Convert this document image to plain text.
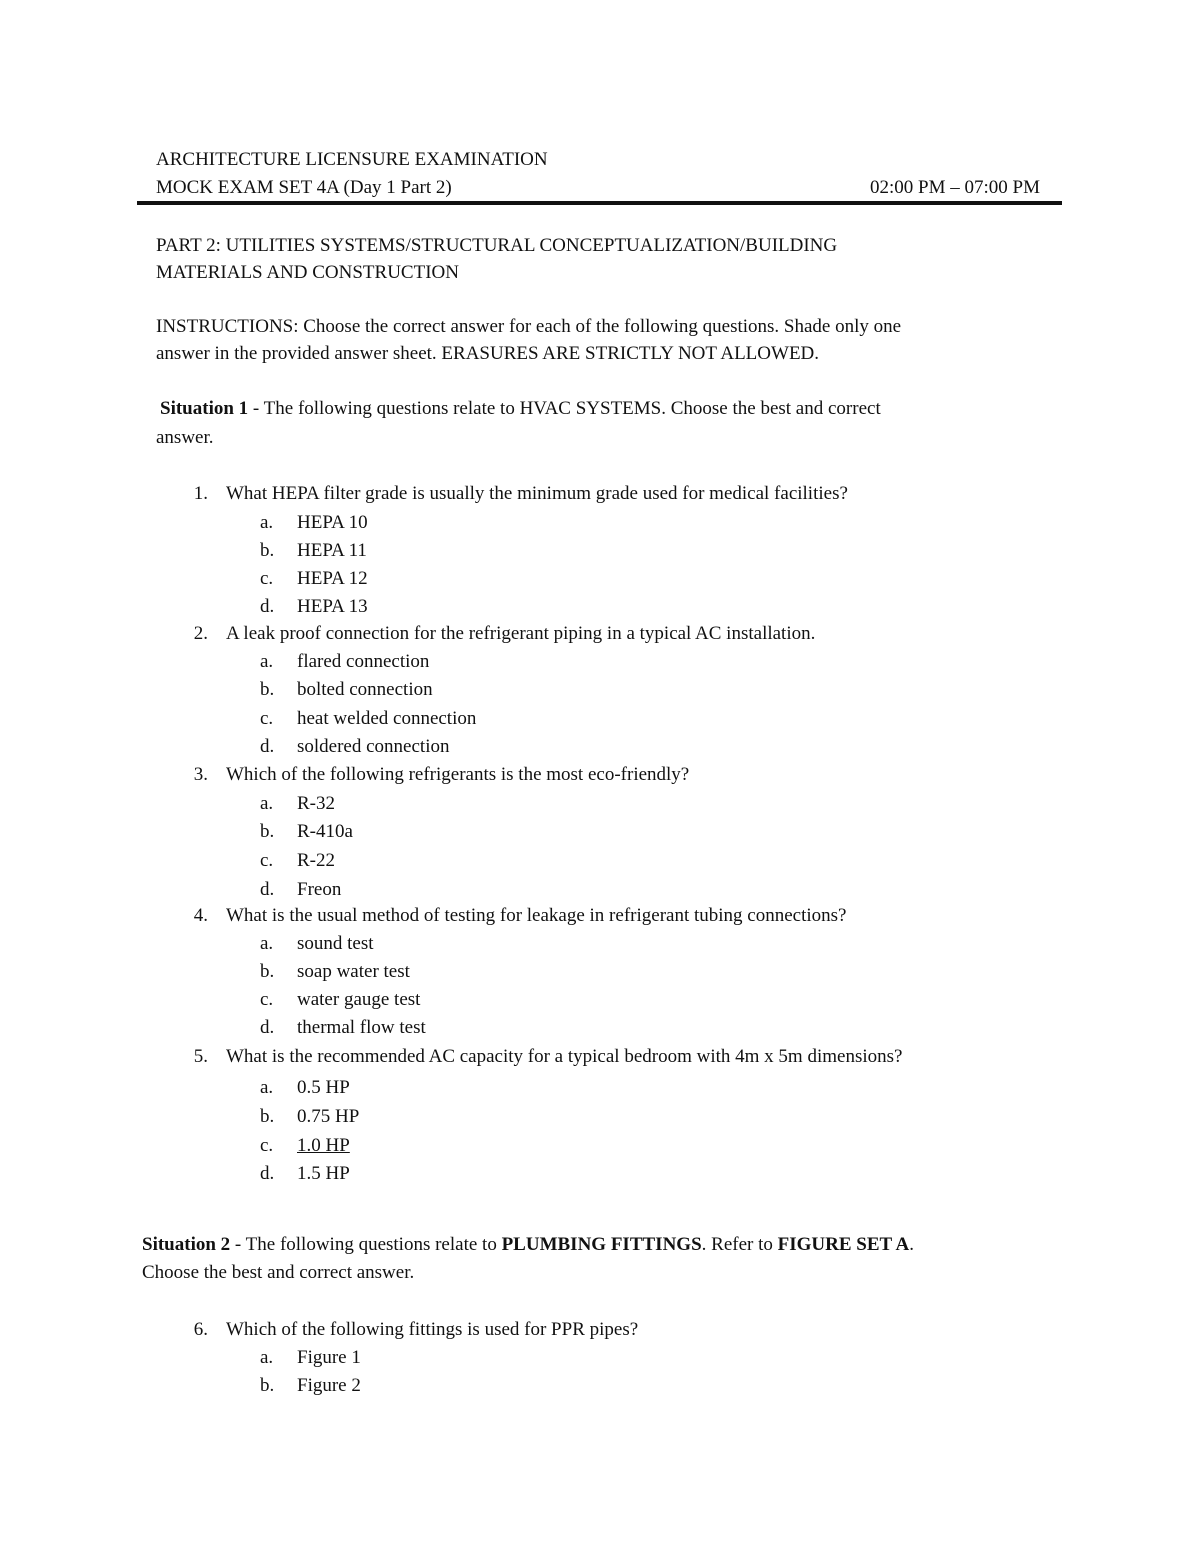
ARCHITECTURE LICENSURE EXAMINATION
MOCK EXAM SET 4A (Day 1 Part 2)	02:00 PM – 07:00 PM
PART 2: UTILITIES SYSTEMS/STRUCTURAL CONCEPTUALIZATION/BUILDING
MATERIALS AND CONSTRUCTION
INSTRUCTIONS: Choose the correct answer for each of the following questions. Shade only one
answer in the provided answer sheet. ERASURES ARE STRICTLY NOT ALLOWED.
Situation 1 - The following questions relate to HVAC SYSTEMS. Choose the best and correct
answer.
1. What HEPA filter grade is usually the minimum grade used for medical facilities?
a. HEPA 10
b. HEPA 11
c. HEPA 12
d. HEPA 13
2. A leak proof connection for the refrigerant piping in a typical AC installation.
a. flared connection
b. bolted connection
c. heat welded connection
d. soldered connection
3. Which of the following refrigerants is the most eco-friendly?
a. R-32
b. R-410a
c. R-22
d. Freon
4. What is the usual method of testing for leakage in refrigerant tubing connections?
a. sound test
b. soap water test
c. water gauge test
d. thermal flow test
5. What is the recommended AC capacity for a typical bedroom with 4m x 5m dimensions?
a. 0.5 HP
b. 0.75 HP
c. 1.0 HP
d. 1.5 HP
Situation 2 - The following questions relate to PLUMBING FITTINGS. Refer to FIGURE SET A.
Choose the best and correct answer.
6. Which of the following fittings is used for PPR pipes?
a. Figure 1
b. Figure 2
